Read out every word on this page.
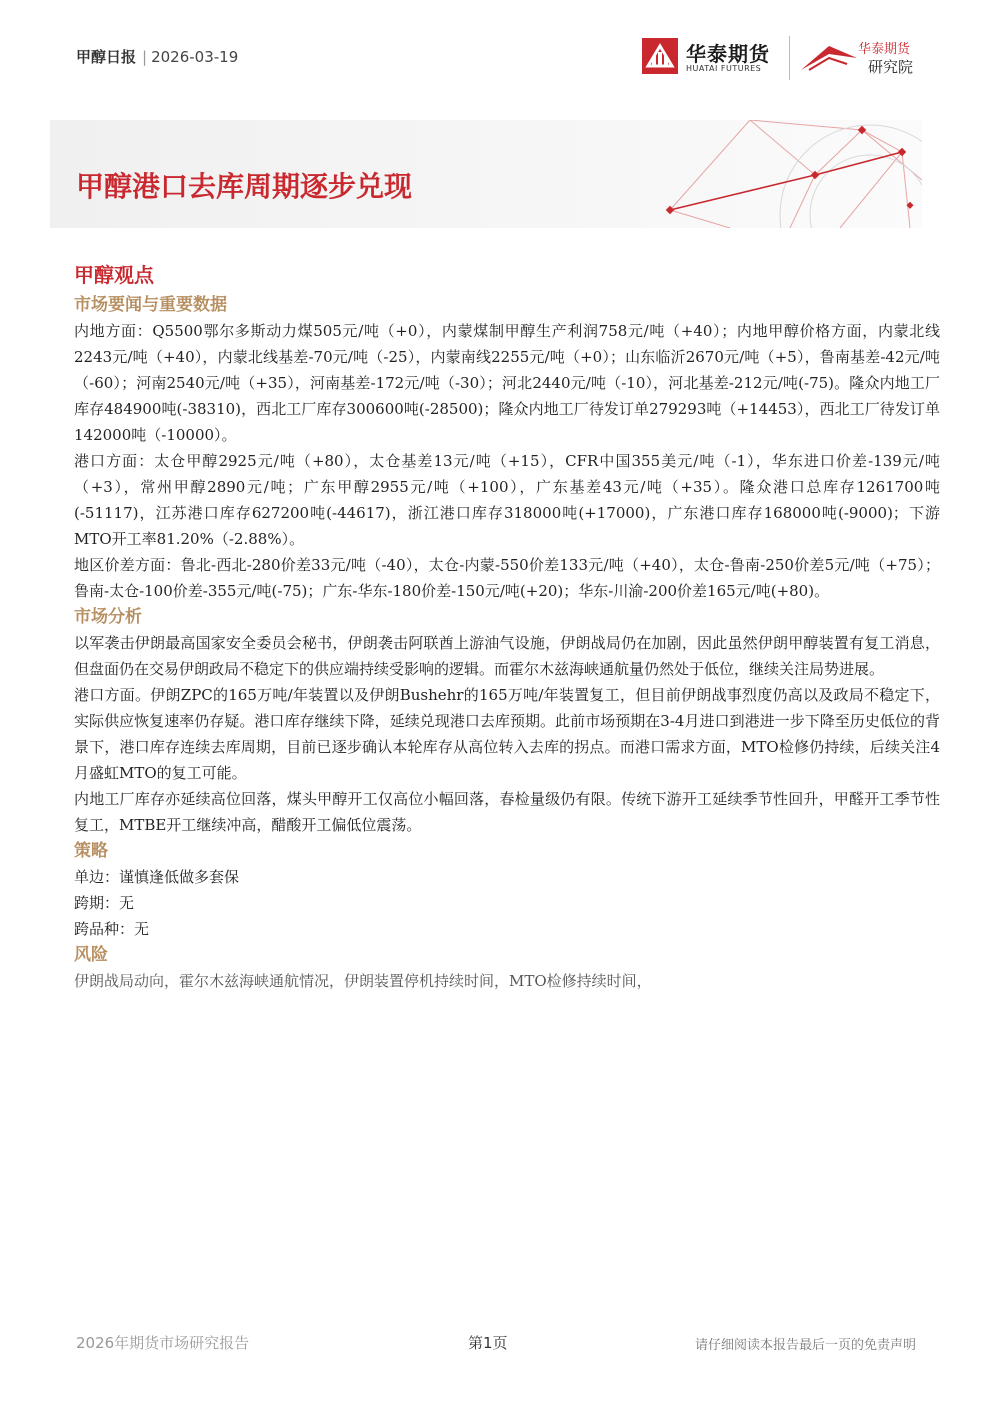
甲醇日报 | 2026-03-19	华泰期货
HUATAI FUTURES
华泰期货
研究院
甲醇港口去库周期逐步兑现
甲醇观点
市场要闻与重要数据

内地方面：Q5500鄂尔多斯动力煤505元/吨（+0），内蒙煤制甲醇生产利润758元/吨（+40）；内地甲醇价格方面，内蒙北线2243元/吨（+40），内蒙北线基差-70元/吨（-25），内蒙南线2255元/吨（+0）；山东临沂2670元/吨（+5），鲁南基差-42元/吨（-60）；河南2540元/吨（+35），河南基差-172元/吨（-30）；河北2440元/吨（-10），河北基差-212元/吨(-75)。隆众内地工厂库存484900吨(-38310)，西北工厂库存300600吨(-28500)；隆众内地工厂待发订单279293吨（+14453），西北工厂待发订单142000吨（-10000）。

港口方面：太仓甲醇2925元/吨（+80），太仓基差13元/吨（+15），CFR中国355美元/吨（-1），华东进口价差-139元/吨（+3），常州甲醇2890元/吨；广东甲醇2955元/吨（+100），广东基差43元/吨（+35）。隆众港口总库存1261700吨(-51117)，江苏港口库存627200吨(-44617)，浙江港口库存318000吨(+17000)，广东港口库存168000吨(-9000)；下游MTO开工率81.20%（-2.88%）。

地区价差方面：鲁北-西北-280价差33元/吨（-40），太仓-内蒙-550价差133元/吨（+40），太仓-鲁南-250价差5元/吨（+75）；鲁南-太仓-100价差-355元/吨(-75)；广东-华东-180价差-150元/吨(+20)；华东-川渝-200价差165元/吨(+80)。

市场分析

以军袭击伊朗最高国家安全委员会秘书，伊朗袭击阿联酋上游油气设施，伊朗战局仍在加剧，因此虽然伊朗甲醇装置有复工消息，但盘面仍在交易伊朗政局不稳定下的供应端持续受影响的逻辑。而霍尔木兹海峡通航量仍然处于低位，继续关注局势进展。

港口方面。伊朗ZPC的165万吨/年装置以及伊朗Bushehr的165万吨/年装置复工，但目前伊朗战事烈度仍高以及政局不稳定下，实际供应恢复速率仍存疑。港口库存继续下降，延续兑现港口去库预期。此前市场预期在3-4月进口到港进一步下降至历史低位的背景下，港口库存连续去库周期，目前已逐步确认本轮库存从高位转入去库的拐点。而港口需求方面，MTO检修仍持续，后续关注4月盛虹MTO的复工可能。

内地工厂库存亦延续高位回落，煤头甲醇开工仅高位小幅回落，春检量级仍有限。传统下游开工延续季节性回升，甲醛开工季节性复工，MTBE开工继续冲高，醋酸开工偏低位震荡。

策略

单边：谨慎逢低做多套保

跨期：无

跨品种：无

风险

伊朗战局动向，霍尔木兹海峡通航情况，伊朗装置停机持续时间，MTO检修持续时间，

2026年期货市场研究报告	第1页	请仔细阅读本报告最后一页的免责声明
